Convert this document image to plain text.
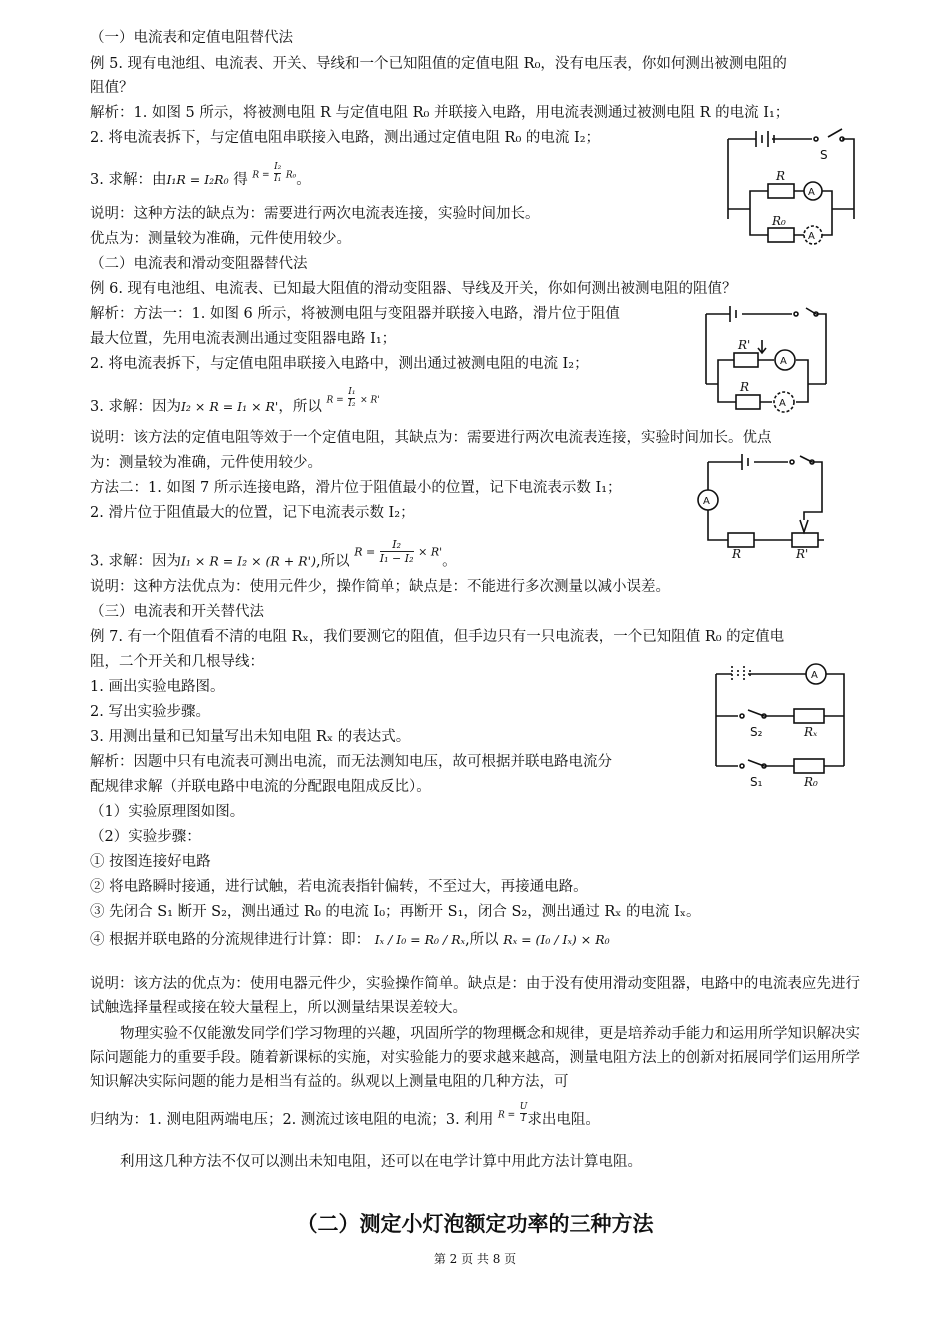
（一）电流表和定值电阻替代法
例 5. 现有电池组、电流表、开关、导线和一个已知阻值的定值电阻 R₀，没有电压表，你如何测出被测电阻的
阻值？
解析：1. 如图 5 所示，将被测电阻 R 与定值电阻 R₀ 并联接入电路，用电流表测通过被测电阻 R 的电流 I₁；
2. 将电流表拆下，与定值电阻串联接入电路，测出通过定值电阻 R₀ 的电流 I₂；
3. 求解：由I₁R = I₂R₀ 得 $R = \frac{\text{I₂}}{\text{I₁}} R_0$。
说明：这种方法的缺点为：需要进行两次电流表连接，实验时间加长。
优点为：测量较为准确，元件使用较少。
（二）电流表和滑动变阻器替代法
例 6. 现有电池组、电流表、已知最大阻值的滑动变阻器、导线及开关，你如何测出被测电阻的阻值？
解析：方法一：1. 如图 6 所示，将被测电阻与变阻器并联接入电路，滑片位于阻值
最大位置，先用电流表测出通过变阻器电路 I₁；
2. 将电流表拆下，与定值电阻串联接入电路中，测出通过被测电阻的电流 I₂；
3. 求解：因为I₂ × R = I₁ × R'，所以 $R = \frac{\text{I₁}}{\text{I₂}} \times R'$
说明：该方法的定值电阻等效于一个定值电阻，其缺点为：需要进行两次电流表连接，实验时间加长。优点
为：测量较为准确，元件使用较少。
方法二：1. 如图 7 所示连接电路，滑片位于阻值最小的位置，记下电流表示数 I₁；
2. 滑片位于阻值最大的位置，记下电流表示数 I₂；
3. 求解：因为I₁ × R = I₂ × (R + R'),所以 $R = \frac{\text{I₂}}{\text{I₁ − I₂}} \times R'$。
说明：这种方法优点为：使用元件少，操作简单；缺点是：不能进行多次测量以减小误差。
（三）电流表和开关替代法
例 7. 有一个阻值看不清的电阻 Rₓ，我们要测它的阻值，但手边只有一只电流表，一个已知阻值 R₀ 的定值电
阻，二个开关和几根导线：
1. 画出实验电路图。
2. 写出实验步骤。
3. 用测出量和已知量写出未知电阻 Rₓ 的表达式。
解析：因题中只有电流表可测出电流，而无法测知电压，故可根据并联电路电流分
配规律求解（并联电路中电流的分配跟电阻成反比）。
（1）实验原理图如图。
（2）实验步骤：
① 按图连接好电路
② 将电路瞬时接通，进行试触，若电流表指针偏转，不至过大，再接通电路。
③ 先闭合 S₁ 断开 S₂，测出通过 R₀ 的电流 I₀；再断开 S₁，闭合 S₂，测出通过 Rₓ 的电流 Iₓ。
④ 根据并联电路的分流规律进行计算：即： Iₓ / I₀ = R₀ / Rₓ,所以 Rₓ = (I₀ / Iₓ) × R₀
说明：该方法的优点为：使用电器元件少，实验操作简单。缺点是：由于没有使用滑动变阻器，电路中的电流表应先进行试触选择量程或接在较大量程上，所以测量结果误差较大。
物理实验不仅能激发同学们学习物理的兴趣，巩固所学的物理概念和规律，更是培养动手能力和运用所学知识解决实际问题能力的重要手段。随着新课标的实施，对实验能力的要求越来越高，测量电阻方法上的创新对拓展同学们运用所学知识解决实际问题的能力是相当有益的。纵观以上测量电阻的几种方法，可
归纳为：1. 测电阻两端电压；2. 测流过该电阻的电流；3. 利用 $R = \frac{U}{I}$ 求出电阻。
利用这几种方法不仅可以测出未知电阻，还可以在电学计算中用此方法计算电阻。
（二）测定小灯泡额定功率的三种方法
第 2 页 共 8 页
S
R
R₀
A
A
R'
R
A
A
R	R'
A
A
S₂	Rₓ
S₁	R₀
